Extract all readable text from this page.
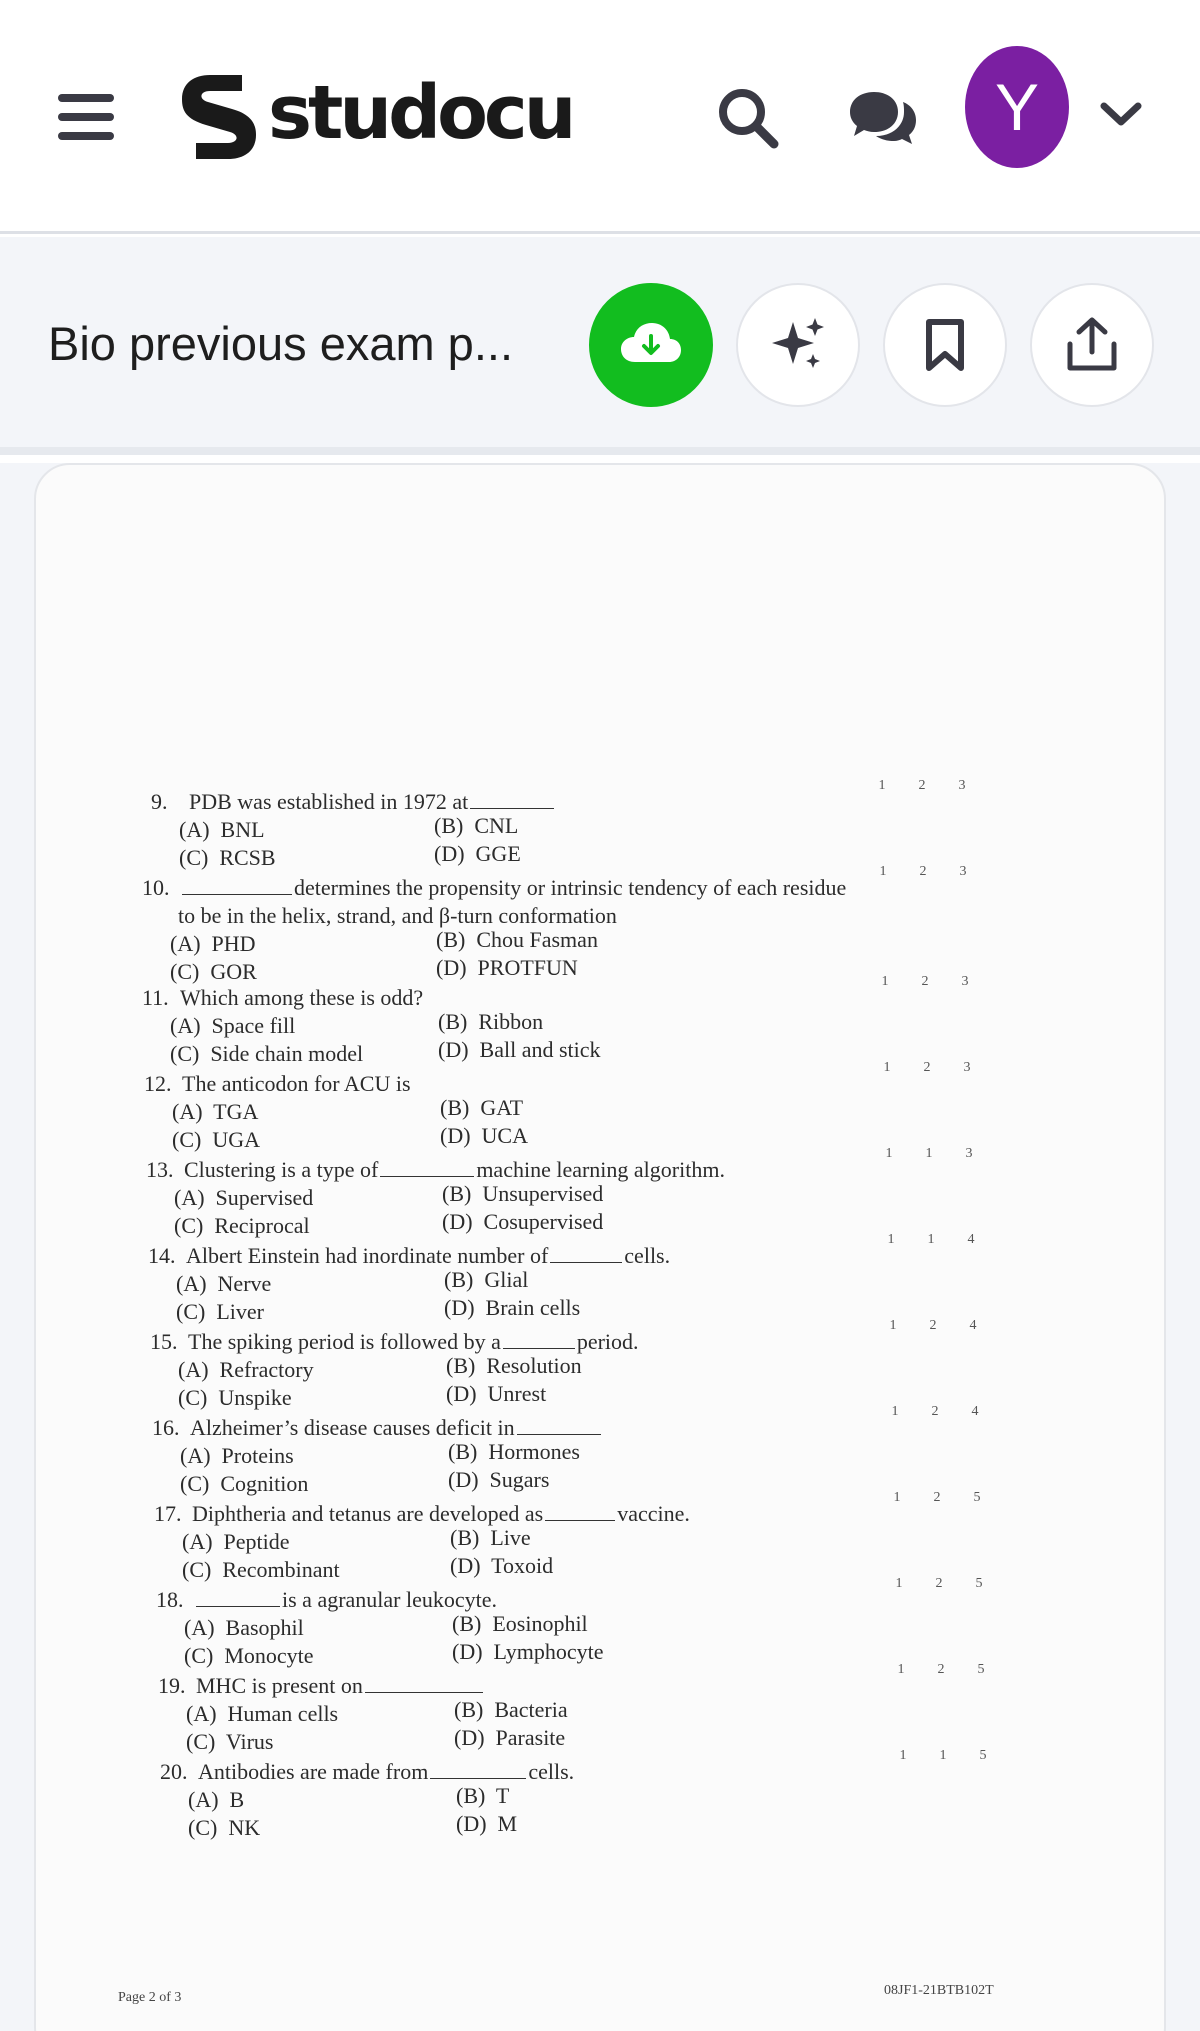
studocu	Y
Bio previous exam p...
Page 2 of 3	08JF1-21BTB102T
9. PDB was established in 1972 at
(A)  BNL	(B)  CNL
(C)  RCSB	(D)  GGE
1 2 3
10.	determines the propensity or intrinsic tendency of each residue
to be in the helix, strand, and β-turn conformation
(A)  PHD	(B)  Chou Fasman
(C)  GOR	(D)  PROTFUN
1 2 3
11. Which among these is odd?
(A)  Space fill	(B)  Ribbon
(C)  Side chain model	(D)  Ball and stick
1 2 3
12. The anticodon for ACU is
(A)  TGA	(B)  GAT
(C)  UGA	(D)  UCA
1 2 3
13. Clustering is a type of	machine learning algorithm.
(A)  Supervised	(B)  Unsupervised
(C)  Reciprocal	(D)  Cosupervised
1 1 3
14. Albert Einstein had inordinate number of	cells.
(A)  Nerve	(B)  Glial
(C)  Liver	(D)  Brain cells
1 1 4
15. The spiking period is followed by a	period.
(A)  Refractory	(B)  Resolution
(C)  Unspike	(D)  Unrest
1 2 4
16. Alzheimer’s disease causes deficit in
(A)  Proteins	(B)  Hormones
(C)  Cognition	(D)  Sugars
1 2 4
17. Diphtheria and tetanus are developed as	vaccine.
(A)  Peptide	(B)  Live
(C)  Recombinant	(D)  Toxoid
1 2 5
18.	is a agranular leukocyte.
(A)  Basophil	(B)  Eosinophil
(C)  Monocyte	(D)  Lymphocyte
1 2 5
19. MHC is present on
(A)  Human cells	(B)  Bacteria
(C)  Virus	(D)  Parasite
1 2 5
20. Antibodies are made from	cells.
(A)  B	(B)  T
(C)  NK	(D)  M
1 1 5
